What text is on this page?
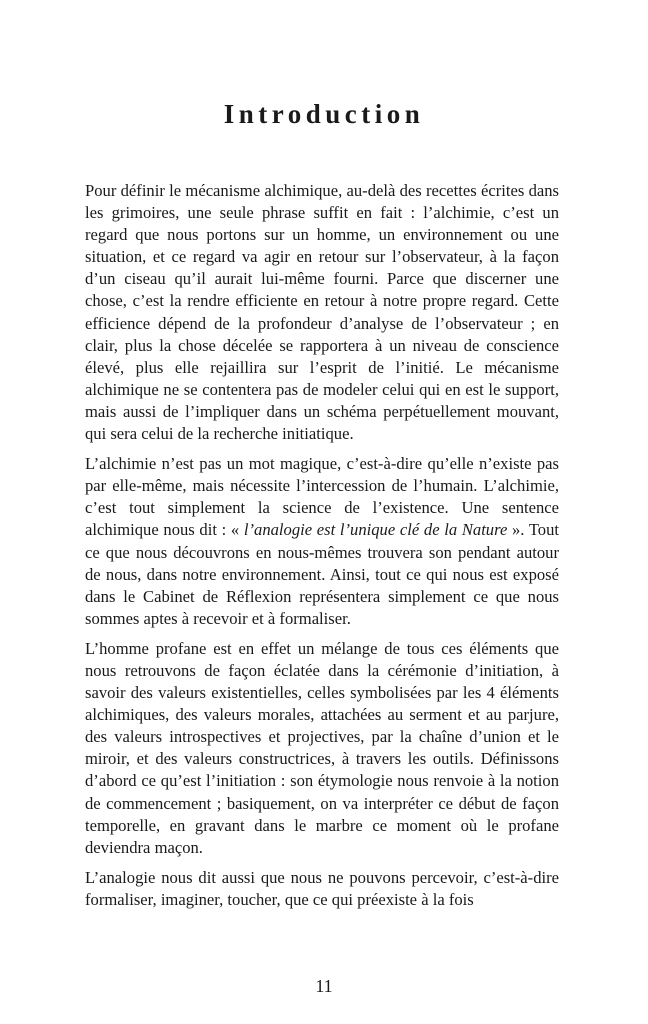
Introduction

Pour définir le mécanisme alchimique, au-delà des recettes écrites dans les grimoires, une seule phrase suffit en fait : l’alchimie, c’est un regard que nous portons sur un homme, un environnement ou une situation, et ce regard va agir en retour sur l’observateur, à la façon d’un ciseau qu’il aurait lui-même fourni. Parce que discerner une chose, c’est la rendre efficiente en retour à notre propre regard. Cette efficience dépend de la profondeur d’analyse de l’observateur ; en clair, plus la chose décelée se rapportera à un niveau de conscience élevé, plus elle rejaillira sur l’esprit de l’initié. Le mécanisme alchimique ne se contentera pas de modeler celui qui en est le support, mais aussi de l’impliquer dans un schéma perpétuellement mouvant, qui sera celui de la recherche initiatique.

L’alchimie n’est pas un mot magique, c’est-à-dire qu’elle n’existe pas par elle-même, mais nécessite l’intercession de l’humain. L’alchimie, c’est tout simplement la science de l’existence. Une sentence alchimique nous dit : « l’analogie est l’unique clé de la Nature ». Tout ce que nous découvrons en nous-mêmes trouvera son pendant autour de nous, dans notre environnement. Ainsi, tout ce qui nous est exposé dans le Cabinet de Réflexion représentera simplement ce que nous sommes aptes à recevoir et à formaliser.

L’homme profane est en effet un mélange de tous ces éléments que nous retrouvons de façon éclatée dans la cérémonie d’initiation, à savoir des valeurs existentielles, celles symbolisées par les 4 éléments alchimiques, des valeurs morales, attachées au serment et au parjure, des valeurs introspectives et projectives, par la chaîne d’union et le miroir, et des valeurs constructrices, à travers les outils. Définissons d’abord ce qu’est l’initiation : son étymologie nous renvoie à la notion de commencement ; basiquement, on va interpréter ce début de façon temporelle, en gravant dans le marbre ce moment où le profane deviendra maçon.

L’analogie nous dit aussi que nous ne pouvons percevoir, c’est-à-dire formaliser, imaginer, toucher, que ce qui préexiste à la fois

11
